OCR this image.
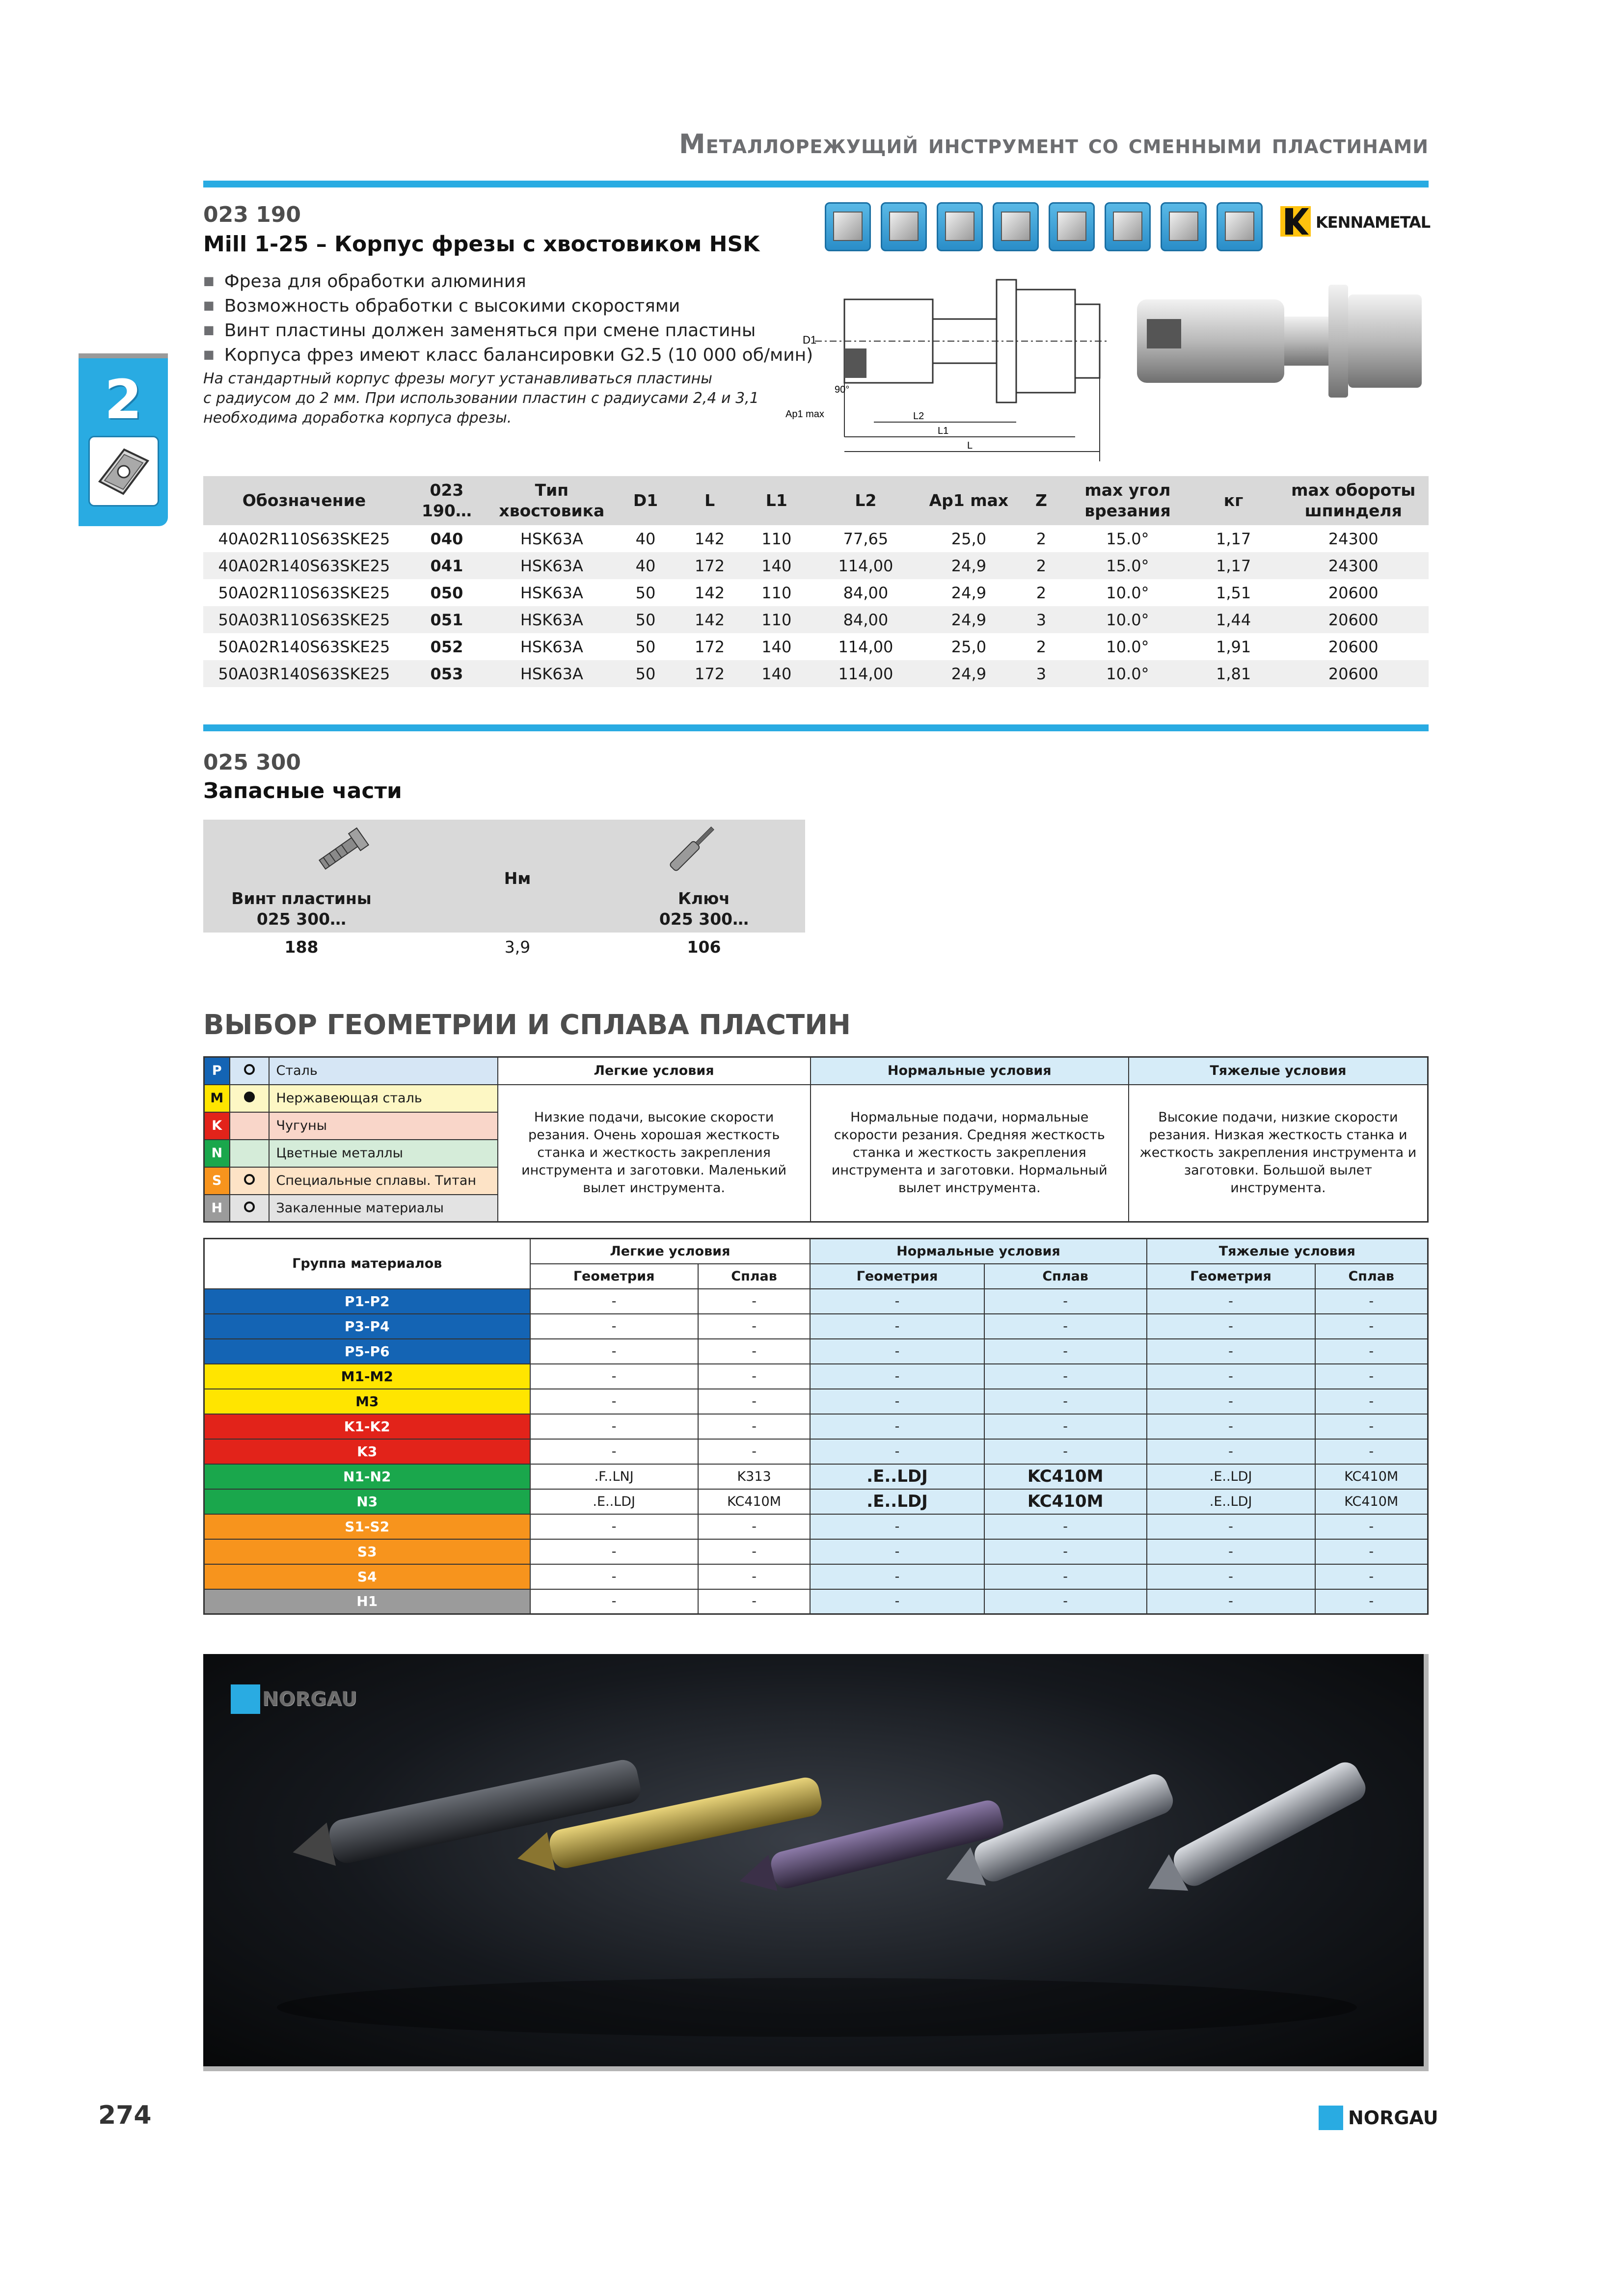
Металлорежущий инструмент со сменными пластинами
2
023 190
Mill 1-25 – Корпус фрезы с хвостовиком HSK
■ Фреза для обработки алюминия
■ Возможность обработки с высокими скоростями
■ Винт пластины должен заменяться при смене пластины
■ Корпуса фрез имеют класс балансировки G2.5 (10 000 об/мин)
На стандартный корпус фрезы могут устанавливаться пластины
с радиусом до 2 мм. При использовании пластин с радиусами 2,4 и 3,1
необходима доработка корпуса фрезы.
KENNAMETAL
D1
90°
Ap1 max	L2
L1
L
Обозначение	023 190…	Тип хвостовика	D1	L	L1	L2	Ap1 max	Z	max угол врезания	кг	max обороты шпинделя
40A02R110S63SKE25	040	HSK63A	40	142	110	77,65	25,0	2	15.0°	1,17	24300
40A02R140S63SKE25	041	HSK63A	40	172	140	114,00	24,9	2	15.0°	1,17	24300
50A02R110S63SKE25	050	HSK63A	50	142	110	84,00	24,9	2	10.0°	1,51	20600
50A03R110S63SKE25	051	HSK63A	50	142	110	84,00	24,9	3	10.0°	1,44	20600
50A02R140S63SKE25	052	HSK63A	50	172	140	114,00	25,0	2	10.0°	1,91	20600
50A03R140S63SKE25	053	HSK63A	50	172	140	114,00	24,9	3	10.0°	1,81	20600
025 300
Запасные части
Винт пластины
025 300…
Нм
Ключ
025 300…
188	3,9	106
ВЫБОР ГЕОМЕТРИИ И СПЛАВА ПЛАСТИН
P		Сталь	Легкие условия	Нормальные условия	Тяжелые условия
M		Нержавеющая сталь	Низкие подачи, высокие скорости резания. Очень хорошая жесткость станка и жесткость закрепления инструмента и заготовки. Маленький вылет инструмента.	Нормальные подачи, нормальные скорости резания. Средняя жесткость станка и жесткость закрепления инструмента и заготовки. Нормальный вылет инструмента.	Высокие подачи, низкие скорости резания. Низкая жесткость станка и жесткость закрепления инструмента и заготовки. Большой вылет инструмента.
K		Чугуны			
N		Цветные металлы			
S		Специальные сплавы. Титан			
H		Закаленные материалы			
Группа материалов	Легкие условия		Нормальные условия		Тяжелые условия	
	Геометрия	Сплав	Геометрия	Сплав	Геометрия	Сплав
P1-P2	-	-	-	-	-	-
P3-P4	-	-	-	-	-	-
P5-P6	-	-	-	-	-	-
M1-M2	-	-	-	-	-	-
M3	-	-	-	-	-	-
K1-K2	-	-	-	-	-	-
K3	-	-	-	-	-	-
N1-N2	.F..LNJ	K313	.E..LDJ	KC410M	.E..LDJ	KC410M
N3	.E..LDJ	KC410M	.E..LDJ	KC410M	.E..LDJ	KC410M
S1-S2	-	-	-	-	-	-
S3	-	-	-	-	-	-
S4	-	-	-	-	-	-
H1	-	-	-	-	-	-
NORGAU
274	NORGAU
